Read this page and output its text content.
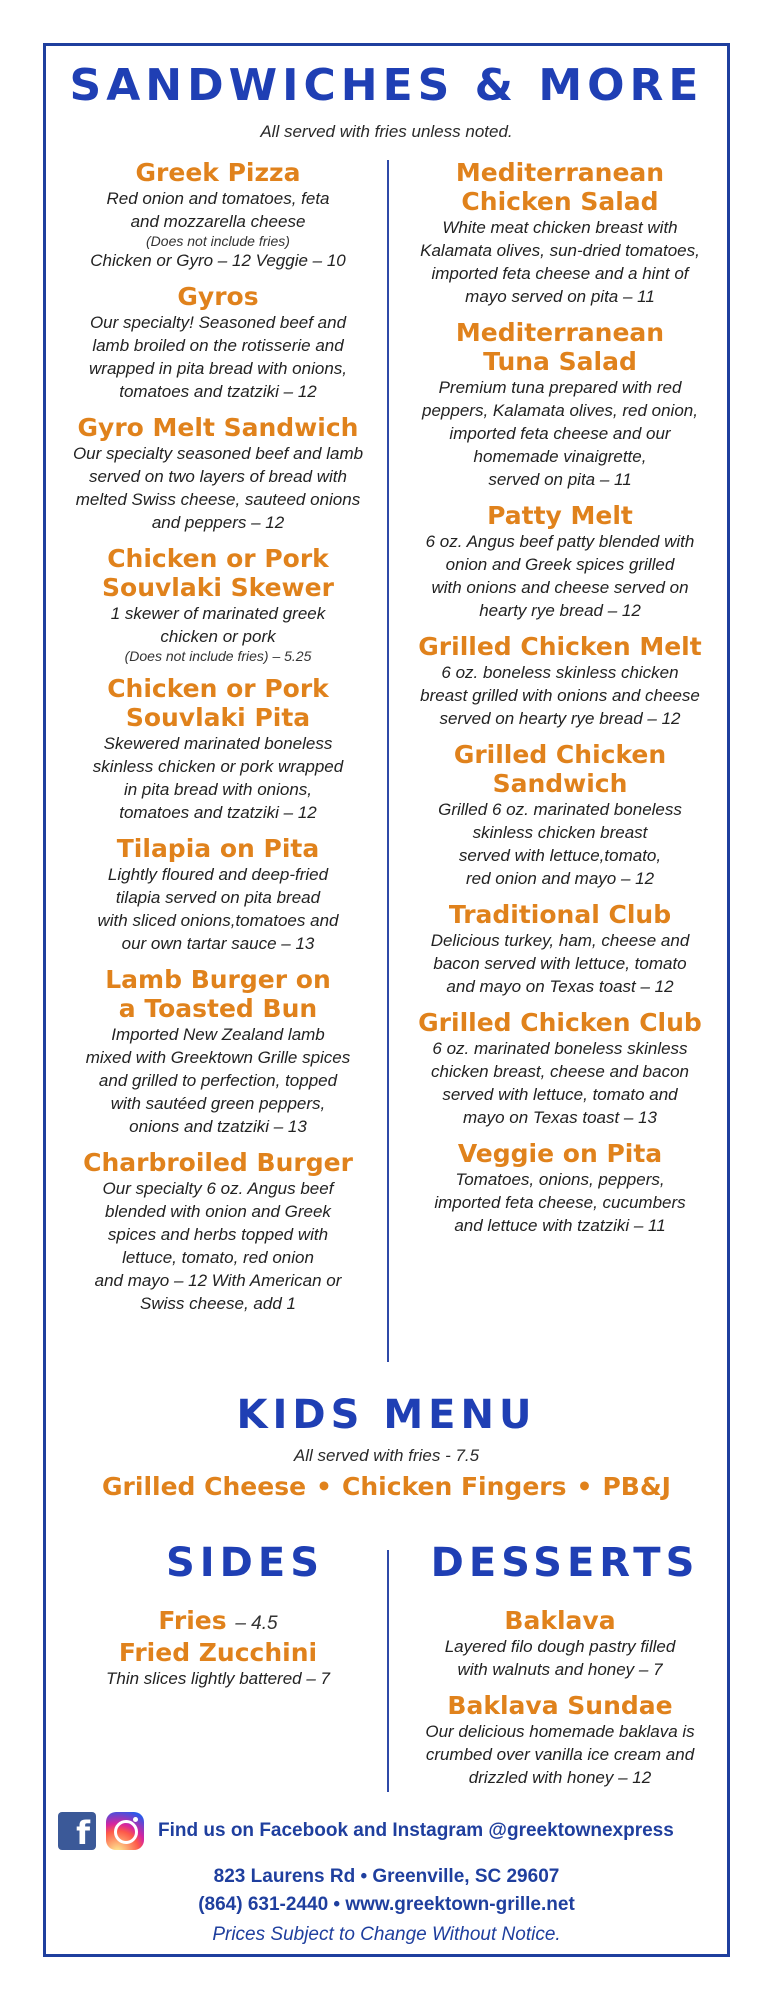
SANDWICHES & MORE
All served with fries unless noted.
Greek Pizza
Red onion and tomatoes, feta
and mozzarella cheese
(Does not include fries)
Chicken or Gyro – 12 Veggie – 10
Gyros
Our specialty! Seasoned beef and
lamb broiled on the rotisserie and
wrapped in pita bread with onions,
tomatoes and tzatziki – 12
Gyro Melt Sandwich
Our specialty seasoned beef and lamb
served on two layers of bread with
melted Swiss cheese, sauteed onions
and peppers – 12
Chicken or Pork
Souvlaki Skewer
1 skewer of marinated greek
chicken or pork
(Does not include fries) – 5.25
Chicken or Pork
Souvlaki Pita
Skewered marinated boneless
skinless chicken or pork wrapped
in pita bread with onions,
tomatoes and tzatziki – 12
Tilapia on Pita
Lightly floured and deep-fried
tilapia served on pita bread
with sliced onions,tomatoes and
our own tartar sauce – 13
Lamb Burger on
a Toasted Bun
Imported New Zealand lamb
mixed with Greektown Grille spices
and grilled to perfection, topped
with sautéed green peppers,
onions and tzatziki – 13
Charbroiled Burger
Our specialty 6 oz. Angus beef
blended with onion and Greek
spices and herbs topped with
lettuce, tomato, red onion
and mayo – 12 With American or
Swiss cheese, add 1
Mediterranean
Chicken Salad
White meat chicken breast with
Kalamata olives, sun-dried tomatoes,
imported feta cheese and a hint of
mayo served on pita – 11
Mediterranean
Tuna Salad
Premium tuna prepared with red
peppers, Kalamata olives, red onion,
imported feta cheese and our
homemade vinaigrette,
served on pita – 11
Patty Melt
6 oz. Angus beef patty blended with
onion and Greek spices grilled
with onions and cheese served on
hearty rye bread – 12
Grilled Chicken Melt
6 oz. boneless skinless chicken
breast grilled with onions and cheese
served on hearty rye bread – 12
Grilled Chicken
Sandwich
Grilled 6 oz. marinated boneless
skinless chicken breast
served with lettuce,tomato,
red onion and mayo – 12
Traditional Club
Delicious turkey, ham, cheese and
bacon served with lettuce, tomato
and mayo on Texas toast – 12
Grilled Chicken Club
6 oz. marinated boneless skinless
chicken breast, cheese and bacon
served with lettuce, tomato and
mayo on Texas toast – 13
Veggie on Pita
Tomatoes, onions, peppers,
imported feta cheese, cucumbers
and lettuce with tzatziki – 11
KIDS MENU
All served with fries - 7.5
Grilled Cheese • Chicken Fingers • PB&J
SIDES	DESSERTS
Fries – 4.5
Fried Zucchini
Thin slices lightly battered – 7
Baklava
Layered filo dough pastry filled
with walnuts and honey – 7
Baklava Sundae
Our delicious homemade baklava is
crumbed over vanilla ice cream and
drizzled with honey – 12
f	Find us on Facebook and Instagram @greektownexpress
823 Laurens Rd • Greenville, SC 29607
(864) 631-2440 • www.greektown-grille.net
Prices Subject to Change Without Notice.
